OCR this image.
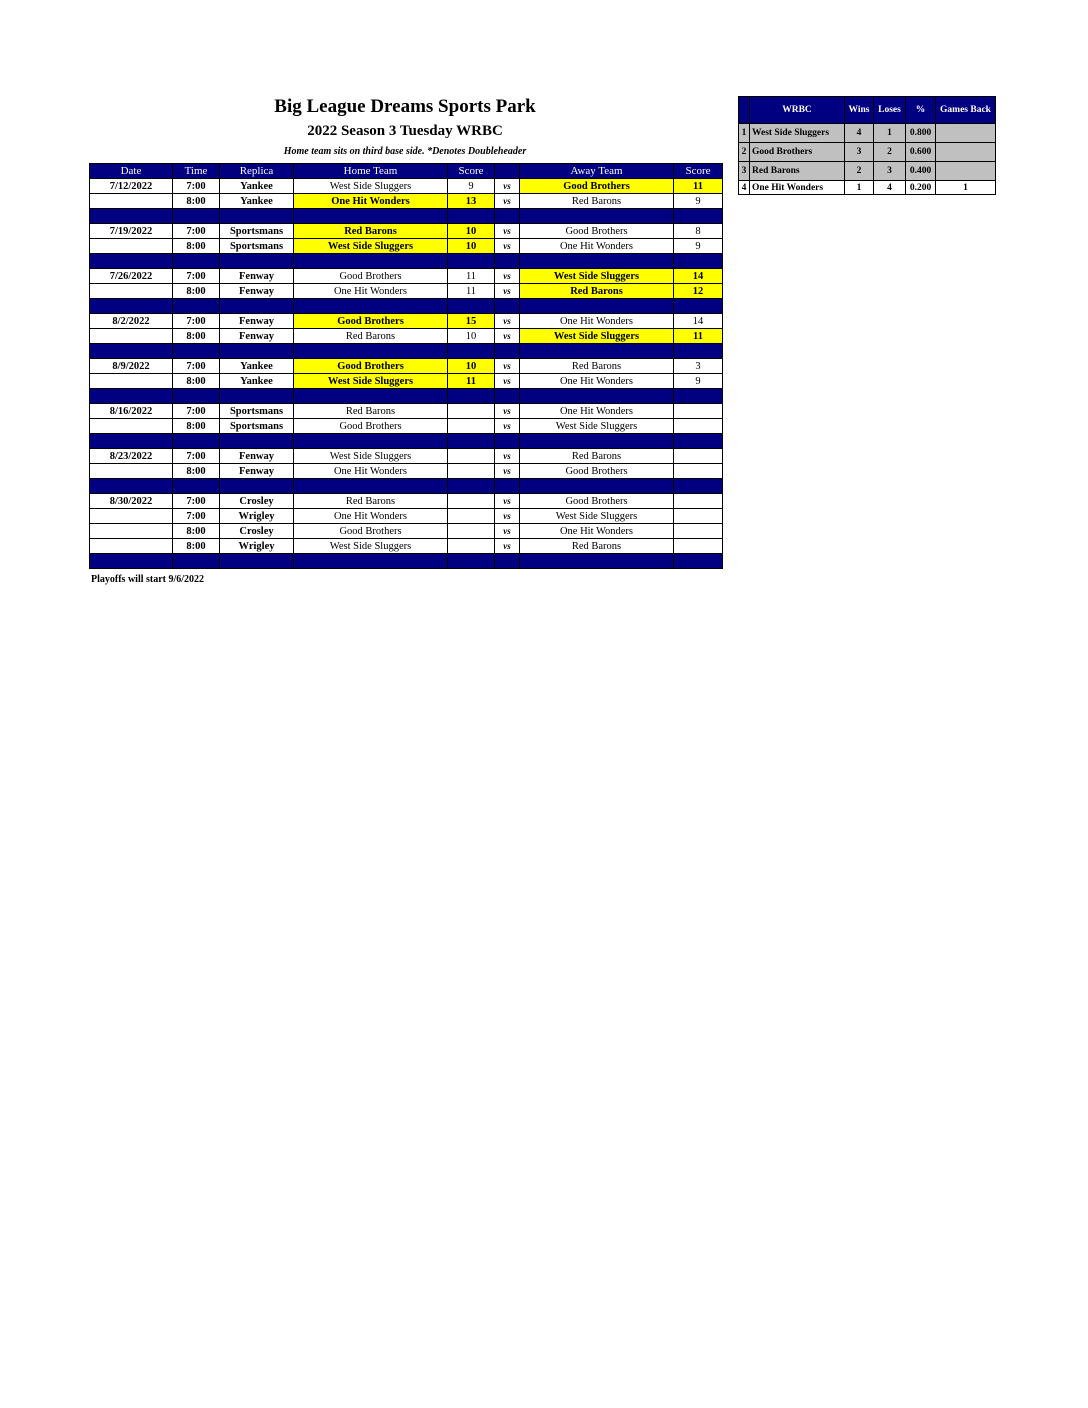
Big League Dreams Sports Park
2022 Season 3 Tuesday WRBC
Home team sits on third base side. *Denotes Doubleheader
Date	Time	Replica	Home Team	Score		Away Team	Score
7/12/2022	7:00	Yankee	West Side Sluggers	9	vs	Good Brothers	11
	8:00	Yankee	One Hit Wonders	13	vs	Red Barons	9

7/19/2022	7:00	Sportsmans	Red Barons	10	vs	Good Brothers	8
	8:00	Sportsmans	West Side Sluggers	10	vs	One Hit Wonders	9

7/26/2022	7:00	Fenway	Good Brothers	11	vs	West Side Sluggers	14
	8:00	Fenway	One Hit Wonders	11	vs	Red Barons	12

8/2/2022	7:00	Fenway	Good Brothers	15	vs	One Hit Wonders	14
	8:00	Fenway	Red Barons	10	vs	West Side Sluggers	11

8/9/2022	7:00	Yankee	Good Brothers	10	vs	Red Barons	3
	8:00	Yankee	West Side Sluggers	11	vs	One Hit Wonders	9

8/16/2022	7:00	Sportsmans	Red Barons		vs	One Hit Wonders	
	8:00	Sportsmans	Good Brothers		vs	West Side Sluggers	

8/23/2022	7:00	Fenway	West Side Sluggers		vs	Red Barons	
	8:00	Fenway	One Hit Wonders		vs	Good Brothers	

8/30/2022	7:00	Crosley	Red Barons		vs	Good Brothers	
	7:00	Wrigley	One Hit Wonders		vs	West Side Sluggers	
	8:00	Crosley	Good Brothers		vs	One Hit Wonders	
	8:00	Wrigley	West Side Sluggers		vs	Red Barons	

Playoffs will start 9/6/2022
	WRBC	Wins	Loses	%	Games Back
1	West Side Sluggers	4	1	0.800	
2	Good Brothers	3	2	0.600	
3	Red Barons	2	3	0.400	
4	One Hit Wonders	1	4	0.200	1
